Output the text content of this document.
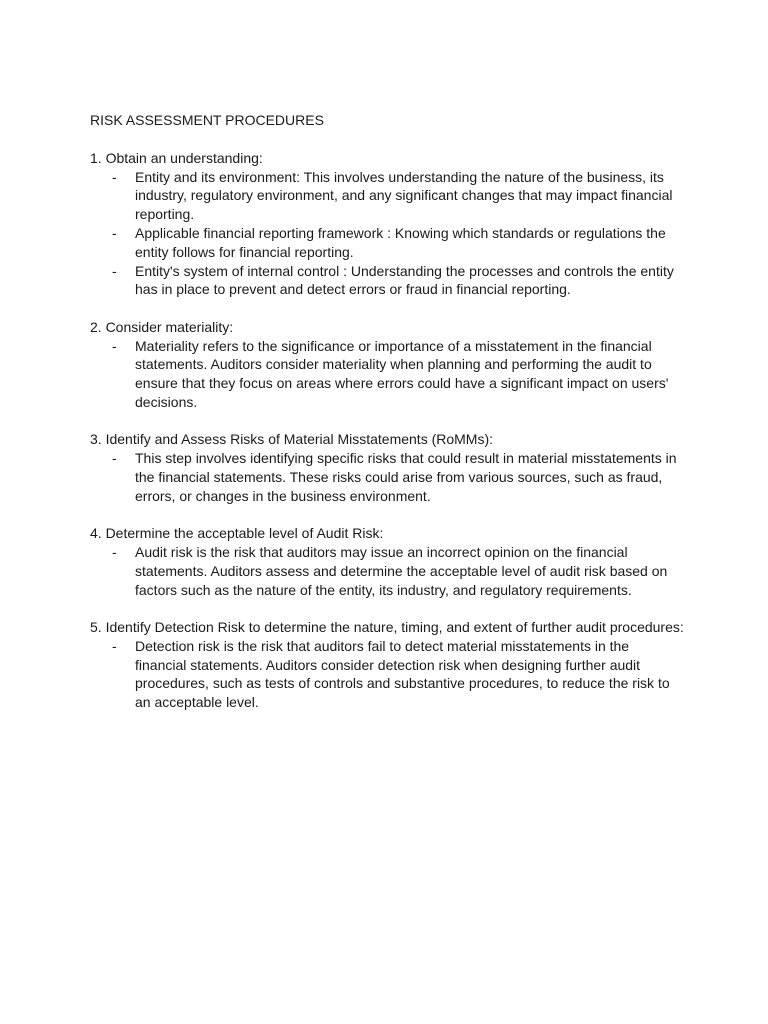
RISK ASSESSMENT PROCEDURES

1. Obtain an understanding:

- Entity and its environment: This involves understanding the nature of the business, its industry, regulatory environment, and any significant changes that may impact financial reporting.
- Applicable financial reporting framework : Knowing which standards or regulations the entity follows for financial reporting.
- Entity's system of internal control : Understanding the processes and controls the entity has in place to prevent and detect errors or fraud in financial reporting.

2. Consider materiality:

- Materiality refers to the significance or importance of a misstatement in the financial statements. Auditors consider materiality when planning and performing the audit to ensure that they focus on areas where errors could have a significant impact on users' decisions.

3. Identify and Assess Risks of Material Misstatements (RoMMs):

- This step involves identifying specific risks that could result in material misstatements in the financial statements. These risks could arise from various sources, such as fraud, errors, or changes in the business environment.

4. Determine the acceptable level of Audit Risk:

- Audit risk is the risk that auditors may issue an incorrect opinion on the financial statements. Auditors assess and determine the acceptable level of audit risk based on factors such as the nature of the entity, its industry, and regulatory requirements.

5. Identify Detection Risk to determine the nature, timing, and extent of further audit procedures:

- Detection risk is the risk that auditors fail to detect material misstatements in the financial statements. Auditors consider detection risk when designing further audit procedures, such as tests of controls and substantive procedures, to reduce the risk to an acceptable level.
